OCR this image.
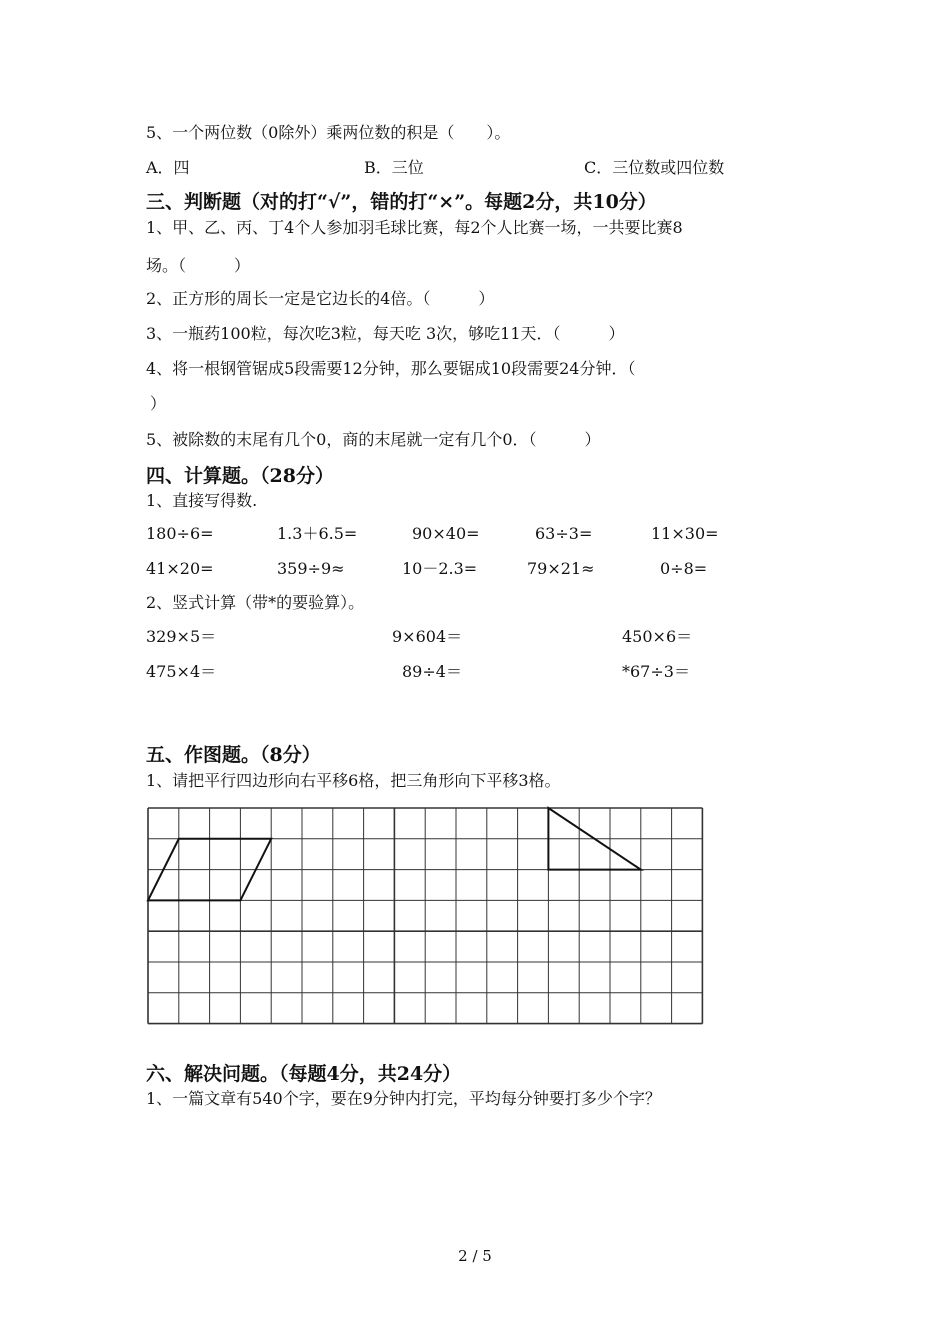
5、一个两位数（0除外）乘两位数的积是（　　）。
A．四	B．三位	C．三位数或四位数
三、判断题（对的打“√”，错的打“×”。每题2分，共10分）
1、甲、乙、丙、丁4个人参加羽毛球比赛，每2个人比赛一场，一共要比赛8
场。（　　　）
2、正方形的周长一定是它边长的4倍。（　　　）
3、一瓶药100粒，每次吃3粒，每天吃 3次，够吃11天．（　　　）
4、将一根钢管锯成5段需要12分钟，那么要锯成10段需要24分钟．（
）
5、被除数的末尾有几个0，商的末尾就一定有几个0．（　　　）
四、计算题。（28分）
1、直接写得数.
180÷6=	1.3＋6.5=	90×40=	63÷3=	11×30=
41×20=	359÷9≈	10－2.3=	79×21≈	0÷8=
2、竖式计算（带*的要验算）。
329×5＝	9×604＝	450×6＝
475×4＝	89÷4＝	*67÷3＝
五、作图题。（8分）
1、请把平行四边形向右平移6格，把三角形向下平移3格。
六、解决问题。（每题4分，共24分）
1、一篇文章有540个字，要在9分钟内打完，平均每分钟要打多少个字？
2 / 5
